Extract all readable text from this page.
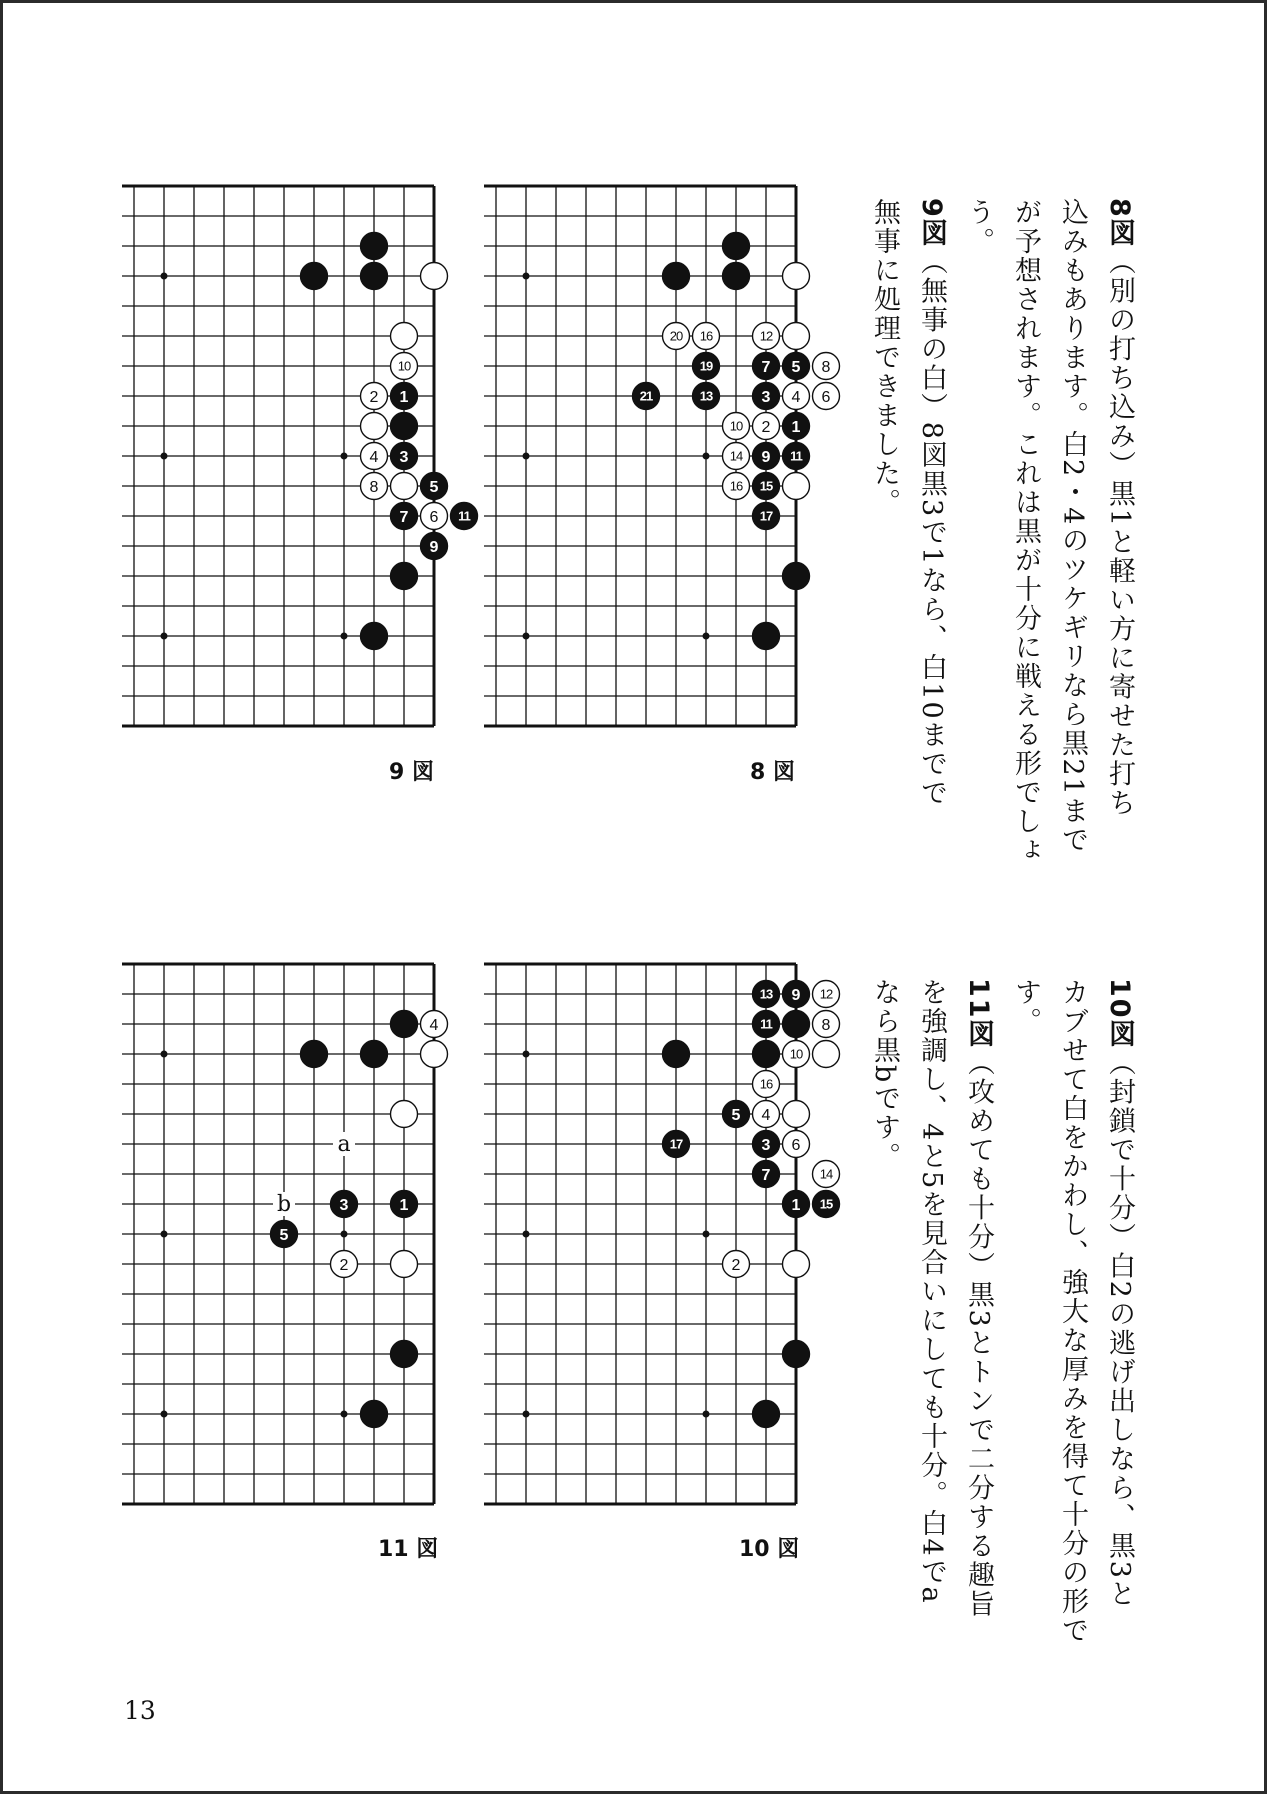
12
16
20
19	7 5 8
21	13	3 4 6
10 2 1
14 9 11
16 15
17
10
2 1
4 3
8	5
7 6 11
9
13 9 12
11	8
10
16
5 4
17	3 6
7	14
1 15
2
4
3	1
5
2
a
b
8 図
9 図
10 図
11 図
8図（別の打ち込み）黒1と軽い方に寄せた打ち
込みもあります。白2・4のツケギリなら黒21まで
が予想されます。これは黒が十分に戦える形でしょ
う。
9図（無事の白）8図黒3で1なら、白10までで
無事に処理できました。
10図（封鎖で十分）白2の逃げ出しなら、黒3と
カブせて白をかわし、強大な厚みを得て十分の形で
す。
11図（攻めても十分）黒3とトンで二分する趣旨
を強調し、4と5を見合いにしても十分。白4でa
なら黒bです。
13
